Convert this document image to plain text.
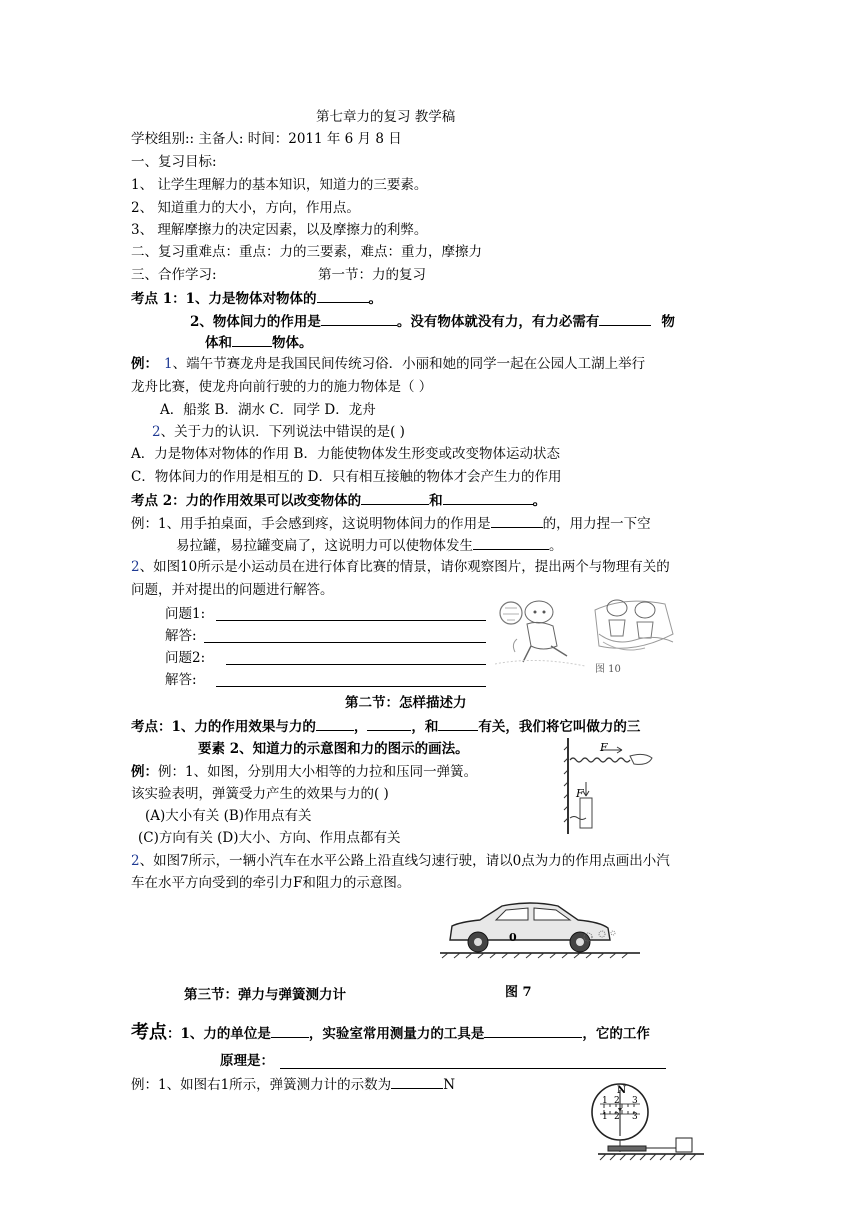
第七章力的复习 教学稿
学校组别:: 主备人: 时间：2011 年 6 月 8 日
一、复习目标:
1、 让学生理解力的基本知识，知道力的三要素。
2、 知道重力的大小，方向，作用点。
3、 理解摩擦力的决定因素，以及摩擦力的利弊。
二、复习重难点：重点：力的三要素，难点：重力，摩擦力
三、合作学习:	第一节：力的复习
考点 1：1、力是物体对物体的	。
2、物体间力的作用是	。没有物体就没有力，有力必需有	物
体和	物体。
例： 1、端午节赛龙舟是我国民间传统习俗．小丽和她的同学一起在公园人工湖上举行
龙舟比赛，使龙舟向前行驶的力的施力物体是（ ）
A．船浆 B．湖水 C．同学 D．龙舟
2、关于力的认识．下列说法中错误的是( )
A．力是物体对物体的作用 B．力能使物体发生形变或改变物体运动状态
C．物体间力的作用是相互的 D．只有相互接触的物体才会产生力的作用
考点 2：力的作用效果可以改变物体的	和	。
例：1、用手拍桌面，手会感到疼，这说明物体间力的作用是	的，用力捏一下空
易拉罐，易拉罐变扁了，这说明力可以使物体发生	。
2、如图10所示是小运动员在进行体育比赛的情景，请你观察图片，提出两个与物理有关的
问题，并对提出的问题进行解答。
问题1:
解答:
问题2:
解答:
图 10
第二节：怎样描述力
考点：1、力的作用效果与力的	，	，和	有关，我们将它叫做力的三
要素 2、知道力的示意图和力的图示的画法。
例：例：1、如图，分别用大小相等的力拉和压同一弹簧。
该实验表明，弹簧受力产生的效果与力的( )
(A)大小有关 (B)作用点有关
(C)方向有关 (D)大小、方向、作用点都有关
F
F
2、如图7所示，一辆小汽车在水平公路上沿直线匀速行驶，请以0点为力的作用点画出小汽
车在水平方向受到的牵引力F和阻力的示意图。
0
图 7
第三节：弹力与弹簧测力计
考点：1、力的单位是	，实验室常用测量力的工具是	，它的工作
原理是：
例：1、如图右1所示，弹簧测力计的示数为	N	N
1 2 3
1 2 3
